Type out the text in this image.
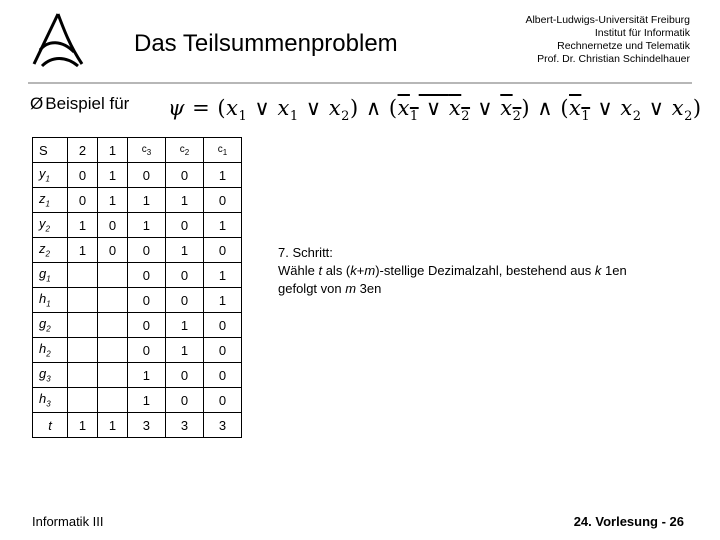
Das Teilsummenproblem
Albert-Ludwigs-Universität Freiburg
Institut für Informatik
Rechnernetze und Telematik
Prof. Dr. Christian Schindelhauer
Ø Beispiel für $\psi = (x_1$ ∨ $x_1$ ∨ $x_2$) ∧ ($x_1$ ∨ $x_2$ ∨ $x_2$) ∧ ($x_1$ ∨ $x_2$ ∨ $x_2$)
S	2	1	$c_3$	$c_2$	$c_1$
$y_1$	0	1	0	0	1
$z_1$	0	1	1	1	0
$y_2$	1	0	1	0	1
$z_2$	1	0	0	1	0
$g_1$			0	0	1
$h_1$			0	0	1
$g_2$			0	1	0
$h_2$			0	1	0
$g_3$			1	0	0
$h_3$			1	0	0
t	1	1	3	3	3
7. Schritt:
Wähle t als (k+m)-stellige Dezimalzahl, bestehend aus k 1en
gefolgt von m 3en
Informatik III	24. Vorlesung - 26
